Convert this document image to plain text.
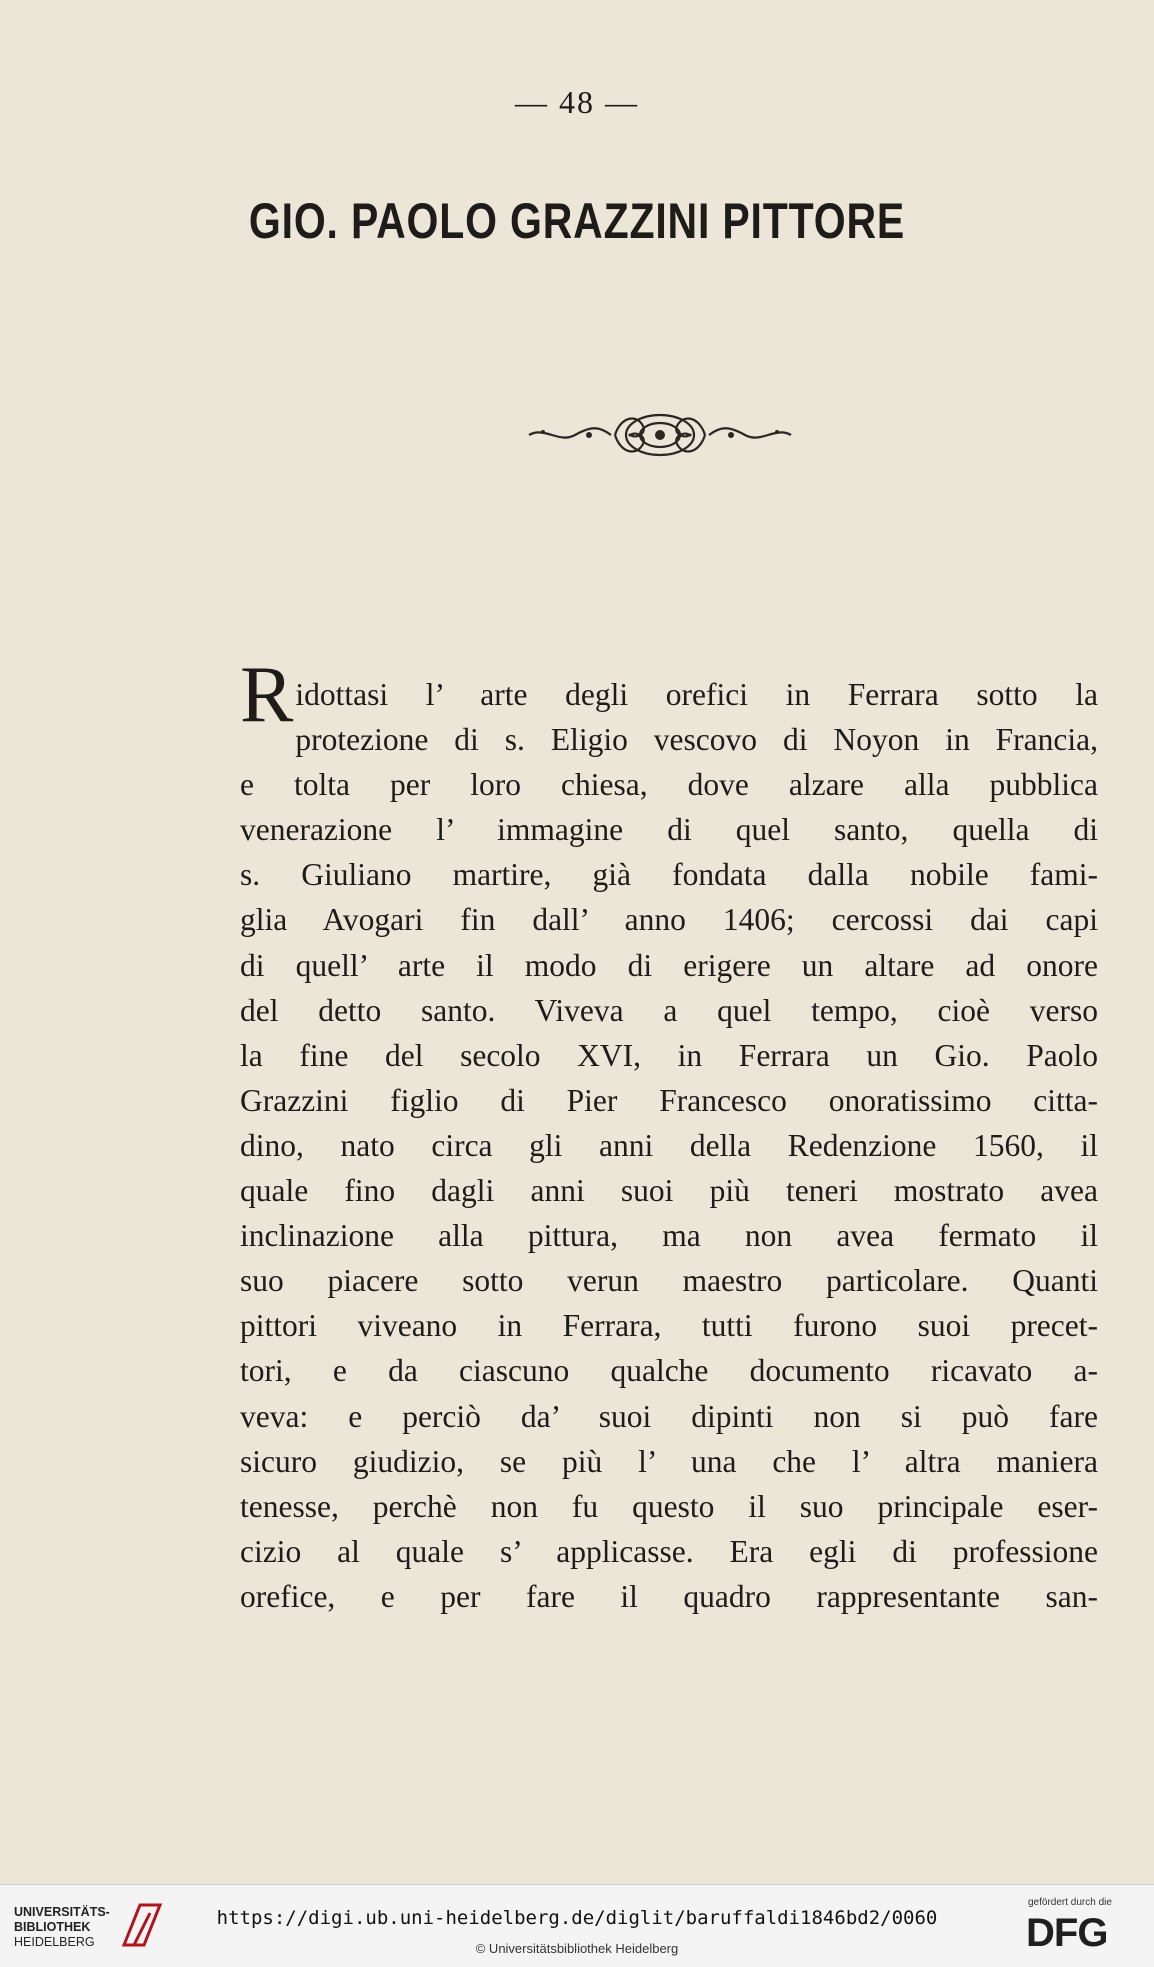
— 48 —
GIO. PAOLO GRAZZINI PITTORE
Ridottasi l’ arte degli orefici in Ferrara sotto la
protezione di s. Eligio vescovo di Noyon in Francia,
e tolta per loro chiesa, dove alzare alla pubblica
venerazione l’ immagine di quel santo, quella di
s. Giuliano martire, già fondata dalla nobile fami-
glia Avogari fin dall’ anno 1406; cercossi dai capi
di quell’ arte il modo di erigere un altare ad onore
del detto santo. Viveva a quel tempo, cioè verso
la fine del secolo XVI, in Ferrara un Gio. Paolo
Grazzini figlio di Pier Francesco onoratissimo citta-
dino, nato circa gli anni della Redenzione 1560, il
quale fino dagli anni suoi più teneri mostrato avea
inclinazione alla pittura, ma non avea fermato il
suo piacere sotto verun maestro particolare. Quanti
pittori viveano in Ferrara, tutti furono suoi precet-
tori, e da ciascuno qualche documento ricavato a-
veva: e perciò da’ suoi dipinti non si può fare
sicuro giudizio, se più l’ una che l’ altra maniera
tenesse, perchè non fu questo il suo principale eser-
cizio al quale s’ applicasse. Era egli di professione
orefice, e per fare il quadro rappresentante san-
UNIVERSITÄTS-
BIBLIOTHEK
HEIDELBERG
https://digi.ub.uni-heidelberg.de/diglit/baruffaldi1846bd2/0060
© Universitätsbibliothek Heidelberg
gefördert durch die
DFG
